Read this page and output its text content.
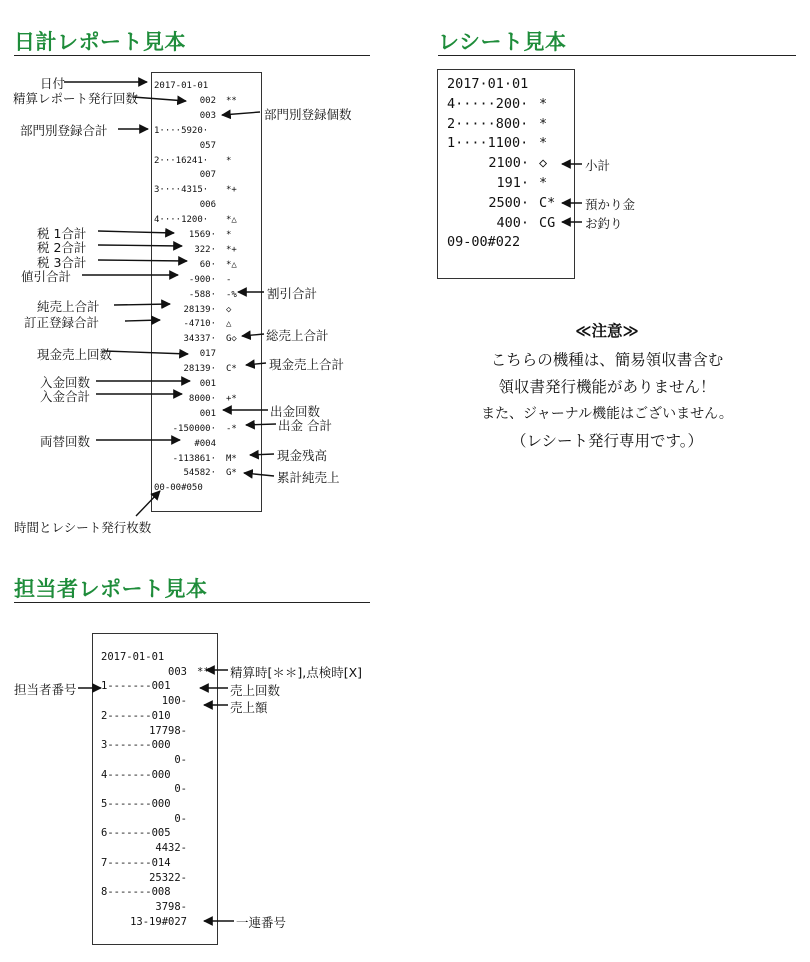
日計レポート見本
2017-01-01
002 **
003
1····5920·
057
2···16241· *
007
3····4315· *+
006
4····1200· *△
1569· *
322· *+
60· *△
-900· -
-588· -%
28139· ◇
-4710· △
34337· G◇
017
28139· C*
001
8000· +*
001
-150000· -*
#004
-113861· M*
54582· G*
00-00#050
日付
精算レポート発行回数
部門別登録合計
税 1合計
税 2合計
税 3合計
値引合計
純売上合計
訂正登録合計
現金売上回数
入金回数
入金合計
両替回数
部門別登録個数
割引合計
総売上合計
現金売上合計
出金回数
出金 合計
現金残高
累計純売上
時間とレシート発行枚数
レシート見本
2017·01·01
4·····200· *
2·····800· *
1····1100· *
2100· ◇
191· *
2500· C*
400· CG
09-00#022
小計
預かり金
お釣り
≪注意≫
こちらの機種は、簡易領収書含む
領収書発行機能がありません！
また、ジャーナル機能はございません。
（レシート発行専用です。）
担当者レポート見本
2017-01-01
003 **
1-------001
100-
2-------010
17798-
3-------000
0-
4-------000
0-
5-------000
0-
6-------005
4432-
7-------014
25322-
8-------008
3798-
13-19#027
担当者番号
精算時[＊＊],点検時[X]
売上回数
売上額
一連番号
